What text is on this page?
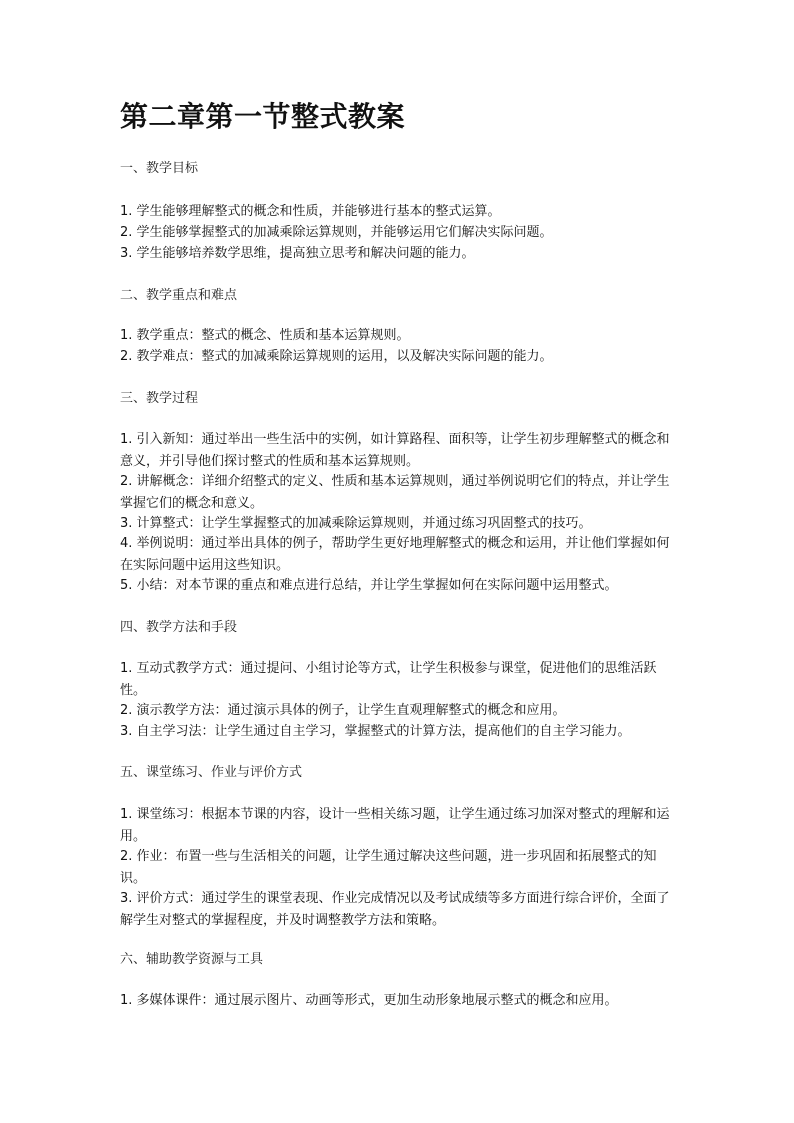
第二章第一节整式教案

一、教学目标

1. 学生能够理解整式的概念和性质，并能够进行基本的整式运算。

2. 学生能够掌握整式的加减乘除运算规则，并能够运用它们解决实际问题。

3. 学生能够培养数学思维，提高独立思考和解决问题的能力。

二、教学重点和难点

1. 教学重点：整式的概念、性质和基本运算规则。

2. 教学难点：整式的加减乘除运算规则的运用，以及解决实际问题的能力。

三、教学过程

1. 引入新知：通过举出一些生活中的实例，如计算路程、面积等，让学生初步理解整式的概念和意义，并引导他们探讨整式的性质和基本运算规则。

2. 讲解概念：详细介绍整式的定义、性质和基本运算规则，通过举例说明它们的特点，并让学生掌握它们的概念和意义。

3. 计算整式：让学生掌握整式的加减乘除运算规则，并通过练习巩固整式的技巧。

4. 举例说明：通过举出具体的例子，帮助学生更好地理解整式的概念和运用，并让他们掌握如何在实际问题中运用这些知识。

5. 小结：对本节课的重点和难点进行总结，并让学生掌握如何在实际问题中运用整式。

四、教学方法和手段

1. 互动式教学方式：通过提问、小组讨论等方式，让学生积极参与课堂，促进他们的思维活跃性。

2. 演示教学方法：通过演示具体的例子，让学生直观理解整式的概念和应用。

3. 自主学习法：让学生通过自主学习，掌握整式的计算方法，提高他们的自主学习能力。

五、课堂练习、作业与评价方式

1. 课堂练习：根据本节课的内容，设计一些相关练习题，让学生通过练习加深对整式的理解和运用。

2. 作业：布置一些与生活相关的问题，让学生通过解决这些问题，进一步巩固和拓展整式的知识。

3. 评价方式：通过学生的课堂表现、作业完成情况以及考试成绩等多方面进行综合评价，全面了解学生对整式的掌握程度，并及时调整教学方法和策略。

六、辅助教学资源与工具

1. 多媒体课件：通过展示图片、动画等形式，更加生动形象地展示整式的概念和应用。
